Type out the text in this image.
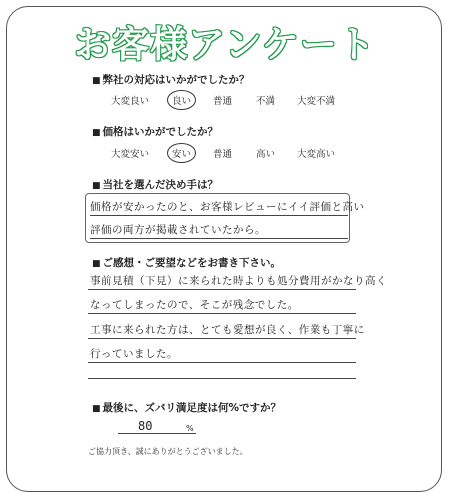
お客様アンケート
■ 弊社の対応はいかがでしたか？
大変良い	良い	普通	不満 大変不満
■ 価格はいかがでしたか？
大変安い	安い	普通	高い 大変高い
■ 当社を選んだ決め手は？
価格が安かったのと、お客様レビューにイイ評価と高い
評価の両方が掲載されていたから。
■ ご感想・ご要望などをお書き下さい。
事前見積（下見）に来られた時よりも処分費用がかなり高く
なってしまったので、そこが残念でした。
工事に来られた方は、とても愛想が良く、作業も丁寧に
行っていました。
■ 最後に、ズバリ満足度は何%ですか？
80	%
ご協力頂き、誠にありがとうございました。
